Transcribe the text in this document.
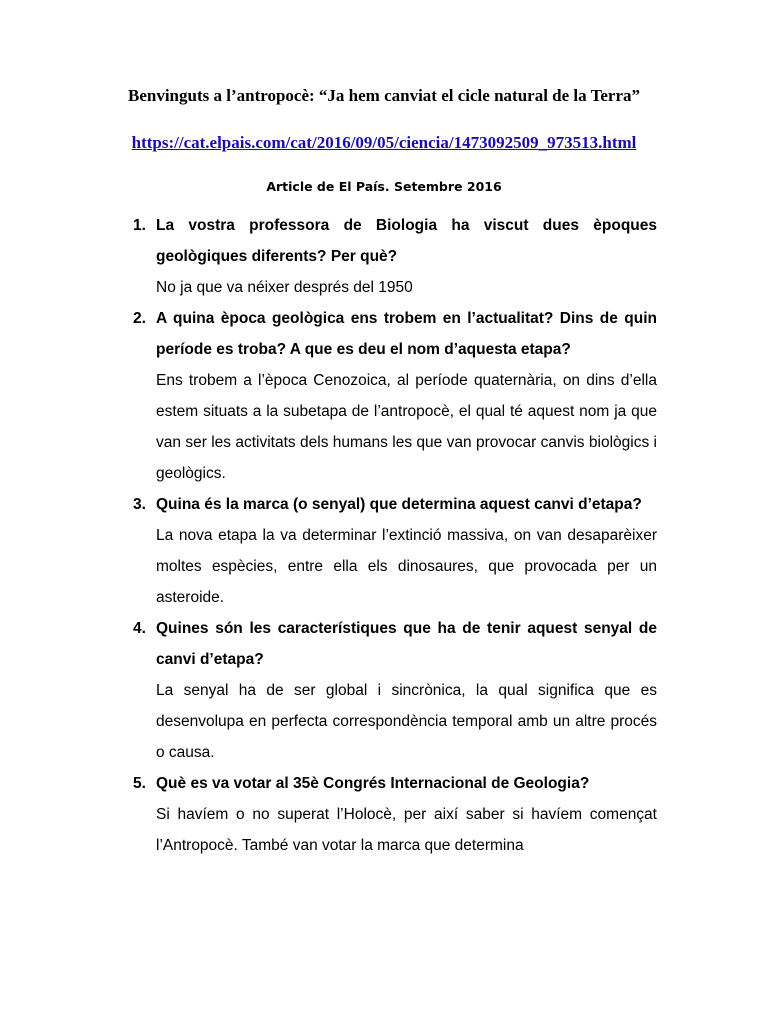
Benvinguts a l’antropocè: “Ja hem canviat el cicle natural de la Terra”
https://cat.elpais.com/cat/2016/09/05/ciencia/1473092509_973513.html
Article de El País. Setembre 2016
1. La vostra professora de Biologia ha viscut dues èpoques geològiques diferents? Per què?
No ja que va néixer després del 1950
2. A quina època geològica ens trobem en l’actualitat? Dins de quin període es troba? A que es deu el nom d’aquesta etapa?
Ens trobem a l’època Cenozoica, al període quaternària, on dins d’ella estem situats a la subetapa de l’antropocè, el qual té aquest nom ja que van ser les activitats dels humans les que van provocar canvis biològics i geològics.
3. Quina és la marca (o senyal) que determina aquest canvi d’etapa?
La nova etapa la va determinar l’extinció massiva, on van desaparèixer moltes espècies, entre ella els dinosaures, que provocada per un asteroide.
4. Quines són les característiques que ha de tenir aquest senyal de canvi d’etapa?
La senyal ha de ser global i sincrònica, la qual significa que es desenvolupa en perfecta correspondència temporal amb un altre procés o causa.
5. Què es va votar al 35è Congrés Internacional de Geologia?
Si havíem o no superat l’Holocè, per així saber si havíem començat l’Antropocè. També van votar la marca que determina
